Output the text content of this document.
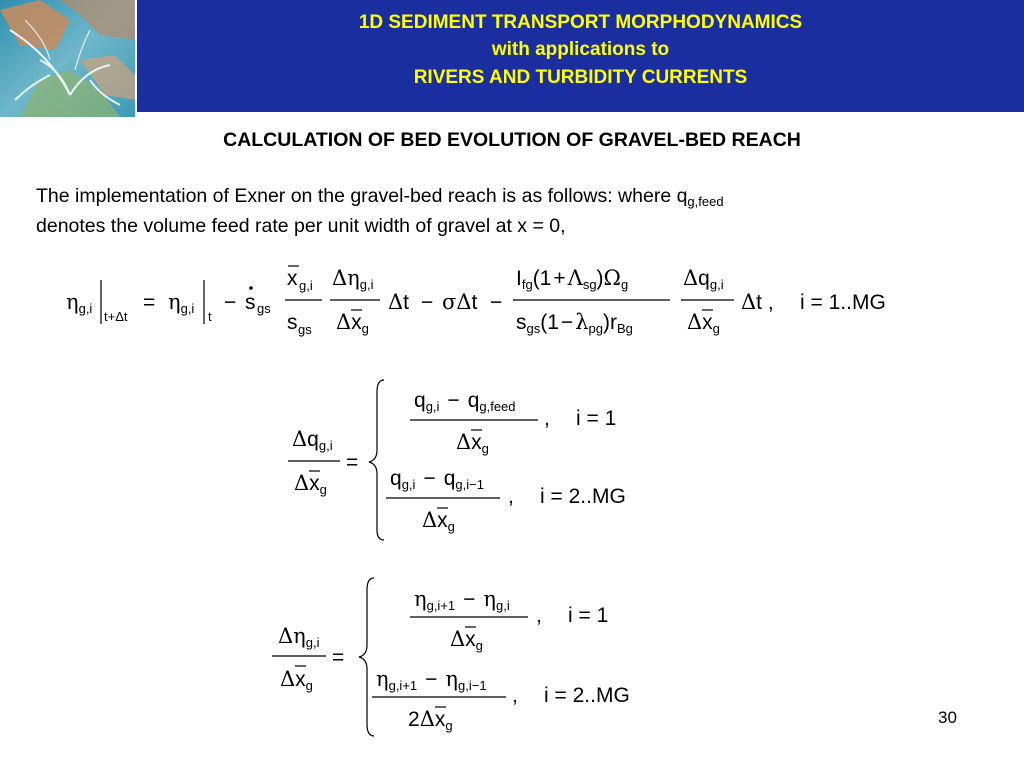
1D SEDIMENT TRANSPORT MORPHODYNAMICS
with applications to
RIVERS AND TURBIDITY CURRENTS
CALCULATION OF BED EVOLUTION OF GRAVEL-BED REACH
The implementation of Exner on the gravel-bed reach is as follows: where $q_{g,feed}$
denotes the volume feed rate per unit width of gravel at x = 0,
ηg,i
t+Δt
= ηg,i
t
− s gs
x g,i
s gs
Δηg,i
Δxg
Δt − σΔt −
Ifg(1+Λsg)Ωg
sgs(1−λpg)rBg
Δqg,i
Δxg
Δt , i = 1..MG
Δqg,i
Δxg
=
qg,i − qg,feed
Δxg
, i = 1
qg,i − qg,i−1
Δxg
, i = 2..MG
Δηg,i
Δxg
=
ηg,i+1 − ηg,i
Δxg
, i = 1
ηg,i+1 − ηg,i−1
2Δxg
, i = 2..MG
30
